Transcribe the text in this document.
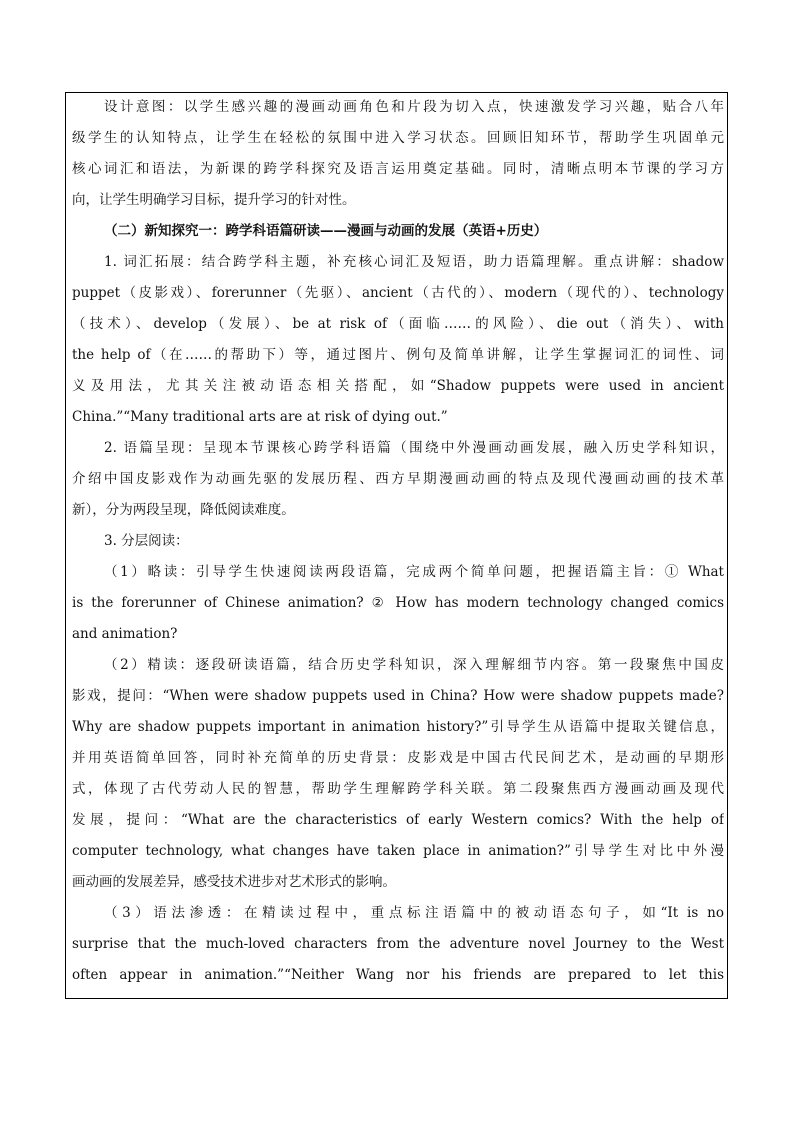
设计意图：以学生感兴趣的漫画动画角色和片段为切入点，快速激发学习兴趣，贴合八年
级学生的认知特点，让学生在轻松的氛围中进入学习状态。回顾旧知环节，帮助学生巩固单元
核心词汇和语法，为新课的跨学科探究及语言运用奠定基础。同时，清晰点明本节课的学习方
向，让学生明确学习目标，提升学习的针对性。
（二）新知探究一：跨学科语篇研读——漫画与动画的发展（英语+历史）
1. 词汇拓展：结合跨学科主题，补充核心词汇及短语，助力语篇理解。重点讲解：shadow
puppet（皮影戏）、forerunner（先驱）、ancient（古代的）、modern（现代的）、technology
（技术）、develop（发展）、be at risk of（面临……的风险）、die out（消失）、with
the help of（在……的帮助下）等，通过图片、例句及简单讲解，让学生掌握词汇的词性、词
义及用法，尤其关注被动语态相关搭配，如“Shadow puppets were used in ancient
China.”“Many traditional arts are at risk of dying out.”
2. 语篇呈现：呈现本节课核心跨学科语篇（围绕中外漫画动画发展，融入历史学科知识，
介绍中国皮影戏作为动画先驱的发展历程、西方早期漫画动画的特点及现代漫画动画的技术革
新），分为两段呈现，降低阅读难度。
3. 分层阅读：
（1）略读：引导学生快速阅读两段语篇，完成两个简单问题，把握语篇主旨：① What
is the forerunner of Chinese animation? ② How has modern technology changed comics
and animation?
（2）精读：逐段研读语篇，结合历史学科知识，深入理解细节内容。第一段聚焦中国皮
影戏，提问：“When were shadow puppets used in China? How were shadow puppets made?
Why are shadow puppets important in animation history?”引导学生从语篇中提取关键信息，
并用英语简单回答，同时补充简单的历史背景：皮影戏是中国古代民间艺术，是动画的早期形
式，体现了古代劳动人民的智慧，帮助学生理解跨学科关联。第二段聚焦西方漫画动画及现代
发展，提问：“What are the characteristics of early Western comics? With the help of
computer technology, what changes have taken place in animation?”引导学生对比中外漫
画动画的发展差异，感受技术进步对艺术形式的影响。
（3）语法渗透：在精读过程中，重点标注语篇中的被动语态句子，如“It is no
surprise that the much-loved characters from the adventure novel Journey to the West
often appear in animation.”“Neither Wang nor his friends are prepared to let this
